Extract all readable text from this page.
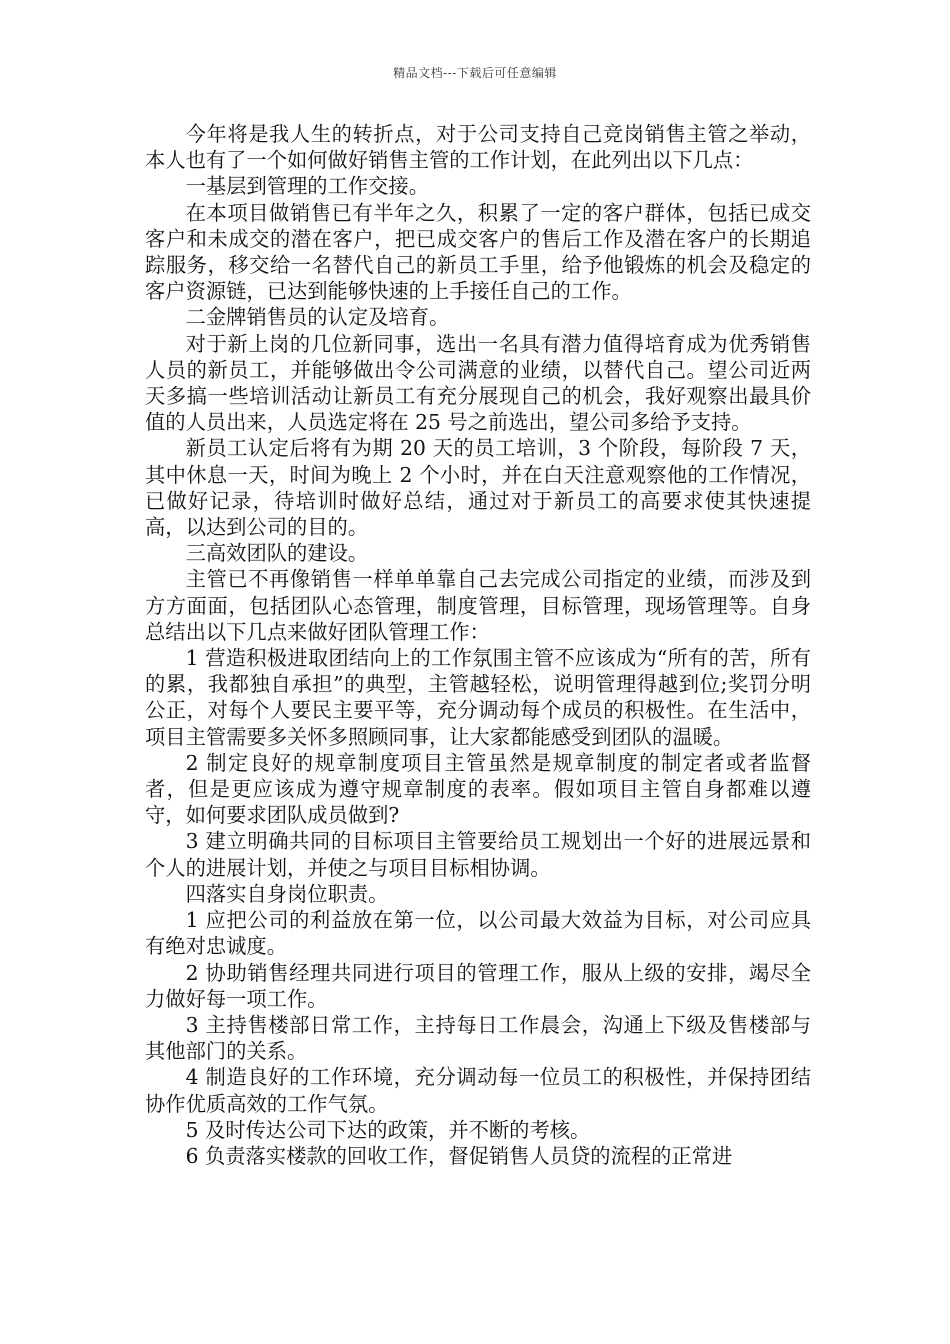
精品文档---下载后可任意编辑

今年将是我人生的转折点，对于公司支持自己竞岗销售主管之举动，本人也有了一个如何做好销售主管的工作计划，在此列出以下几点：

一基层到管理的工作交接。

在本项目做销售已有半年之久，积累了一定的客户群体，包括已成交客户和未成交的潜在客户，把已成交客户的售后工作及潜在客户的长期追踪服务，移交给一名替代自己的新员工手里，给予他锻炼的机会及稳定的客户资源链，已达到能够快速的上手接任自己的工作。

二金牌销售员的认定及培育。

对于新上岗的几位新同事，选出一名具有潜力值得培育成为优秀销售人员的新员工，并能够做出令公司满意的业绩，以替代自己。望公司近两天多搞一些培训活动让新员工有充分展现自己的机会，我好观察出最具价值的人员出来，人员选定将在 25 号之前选出，望公司多给予支持。

新员工认定后将有为期 20 天的员工培训，3 个阶段，每阶段 7 天，其中休息一天，时间为晚上 2 个小时，并在白天注意观察他的工作情况，已做好记录，待培训时做好总结，通过对于新员工的高要求使其快速提高，以达到公司的目的。

三高效团队的建设。

主管已不再像销售一样单单靠自己去完成公司指定的业绩，而涉及到方方面面，包括团队心态管理，制度管理，目标管理，现场管理等。自身总结出以下几点来做好团队管理工作：

1 营造积极进取团结向上的工作氛围主管不应该成为“所有的苦，所有的累，我都独自承担”的典型，主管越轻松，说明管理得越到位;奖罚分明公正，对每个人要民主要平等，充分调动每个成员的积极性。在生活中，项目主管需要多关怀多照顾同事，让大家都能感受到团队的温暖。

2 制定良好的规章制度项目主管虽然是规章制度的制定者或者监督者，但是更应该成为遵守规章制度的表率。假如项目主管自身都难以遵守，如何要求团队成员做到?

3 建立明确共同的目标项目主管要给员工规划出一个好的进展远景和个人的进展计划，并使之与项目目标相协调。

四落实自身岗位职责。

1 应把公司的利益放在第一位，以公司最大效益为目标，对公司应具有绝对忠诚度。

2 协助销售经理共同进行项目的管理工作，服从上级的安排，竭尽全力做好每一项工作。

3 主持售楼部日常工作，主持每日工作晨会，沟通上下级及售楼部与其他部门的关系。

4 制造良好的工作环境，充分调动每一位员工的积极性，并保持团结协作优质高效的工作气氛。

5 及时传达公司下达的政策，并不断的考核。

6 负责落实楼款的回收工作，督促销售人员贷的流程的正常进
